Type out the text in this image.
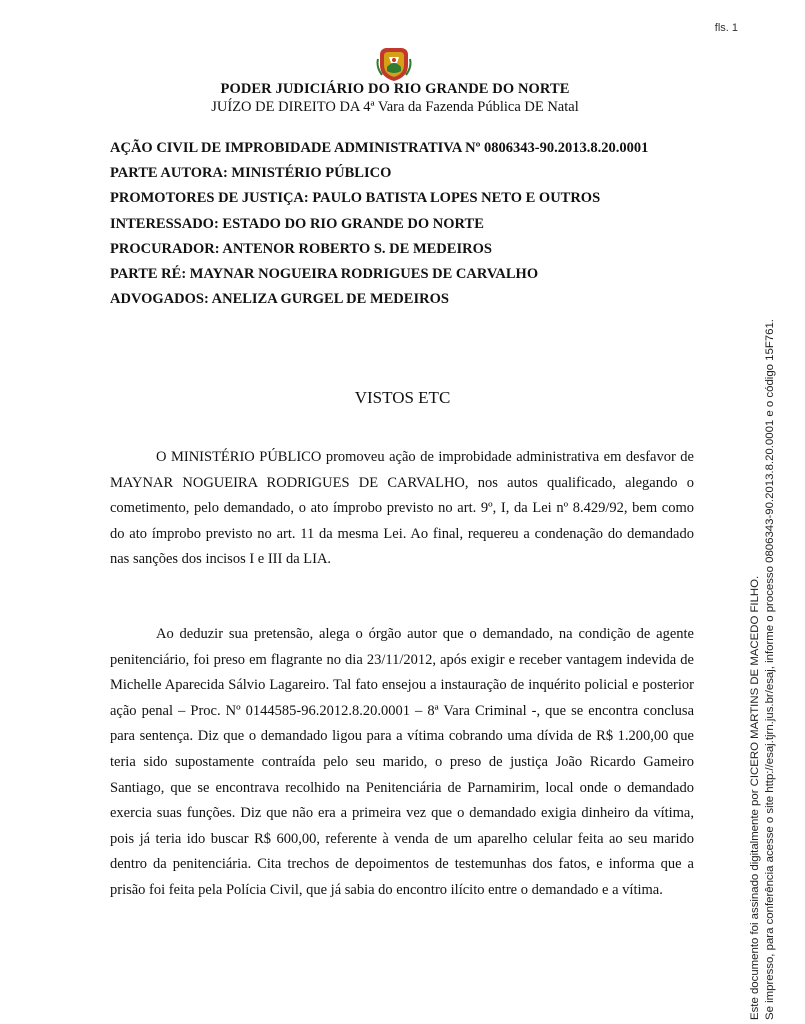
fls. 1
PODER JUDICIÁRIO DO RIO GRANDE DO NORTE
JUÍZO DE DIREITO DA 4ª Vara da Fazenda Pública DE Natal
AÇÃO CIVIL DE IMPROBIDADE ADMINISTRATIVA Nº 0806343-90.2013.8.20.0001
PARTE AUTORA: MINISTÉRIO PÚBLICO
PROMOTORES DE JUSTIÇA: PAULO BATISTA LOPES NETO E OUTROS
INTERESSADO: ESTADO DO RIO GRANDE DO NORTE
PROCURADOR: ANTENOR ROBERTO S. DE MEDEIROS
PARTE RÉ: MAYNAR NOGUEIRA RODRIGUES DE CARVALHO
ADVOGADOS: ANELIZA GURGEL DE MEDEIROS
VISTOS ETC

O MINISTÉRIO PÚBLICO promoveu ação de improbidade administrativa em desfavor de MAYNAR NOGUEIRA RODRIGUES DE CARVALHO, nos autos qualificado, alegando o cometimento, pelo demandado, o ato ímprobo previsto no art. 9º, I, da Lei nº 8.429/92, bem como do ato ímprobo previsto no art. 11 da mesma Lei. Ao final, requereu a condenação do demandado nas sanções dos incisos I e III da LIA.

Ao deduzir sua pretensão, alega o órgão autor que o demandado, na condição de agente penitenciário, foi preso em flagrante no dia 23/11/2012, após exigir e receber vantagem indevida de Michelle Aparecida Sálvio Lagareiro. Tal fato ensejou a instauração de inquérito policial e posterior ação penal – Proc. Nº 0144585-96.2012.8.20.0001 – 8ª Vara Criminal -, que se encontra conclusa para sentença. Diz que o demandado ligou para a vítima cobrando uma dívida de R$ 1.200,00 que teria sido supostamente contraída pelo seu marido, o preso de justiça João Ricardo Gameiro Santiago, que se encontrava recolhido na Penitenciária de Parnamirim, local onde o demandado exercia suas funções. Diz que não era a primeira vez que o demandado exigia dinheiro da vítima, pois já teria ido buscar R$ 600,00, referente à venda de um aparelho celular feita ao seu marido dentro da penitenciária. Cita trechos de depoimentos de testemunhas dos fatos, e informa que a prisão foi feita pela Polícia Civil, que já sabia do encontro ilícito entre o demandado e a vítima.	Este documento foi assinado digitalmente por CICERO MARTINS DE MACEDO FILHO. Se impresso, para conferência acesse o site http://esaj.tjrn.jus.br/esaj, informe o processo 0806343-90.2013.8.20.0001 e o código 15F761.
